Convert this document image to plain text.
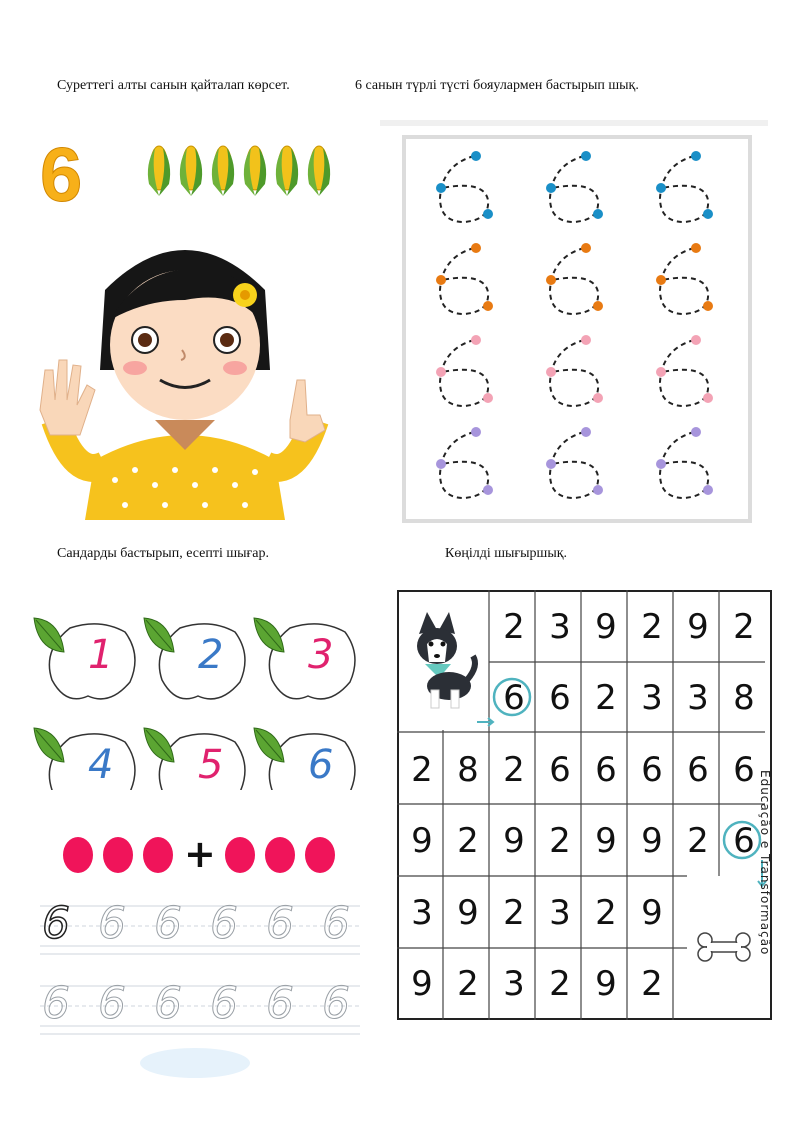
Суреттегі алты санын қайталап көрсет.	6 санын түрлі түсті бояулармен бастырып шық.
Сандарды бастырып, есепті шығар.	Көңілді шығыршық.
6
1 2 3
4 5 6
+
6 6 6 6 6 6
6 6 6 6 6 6
2 3 9 2 9 2
6 6 2 3 3 8
2 8 2 6 6 6 6 6
9 2 9 2 9 9 2 6
3 9 2 3 2 9
9 2 3 2 9 2
Educação e Transformação
